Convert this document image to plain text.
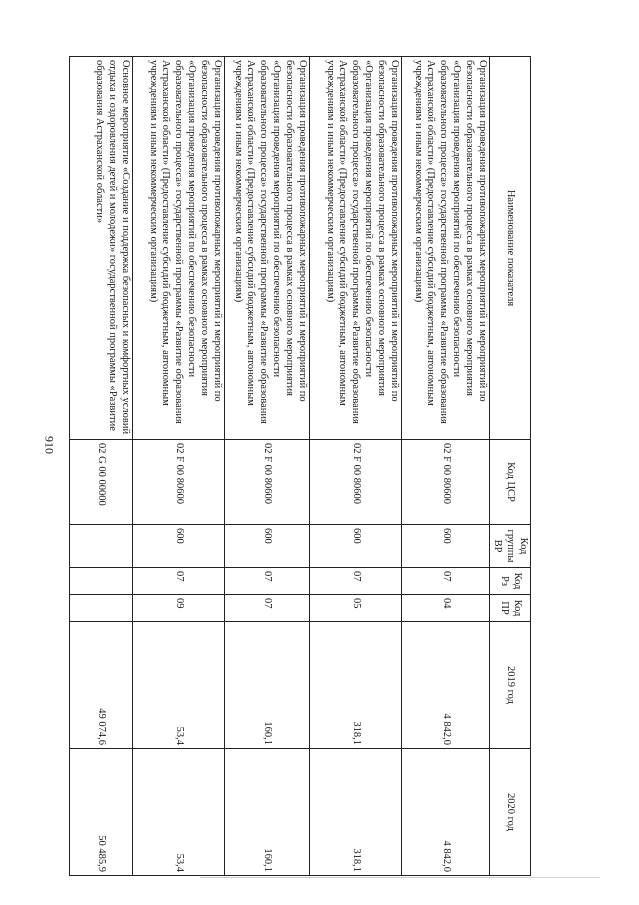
910
Наименование показателя	Код ЦСР	Код группы ВР	Код Рз	Код ПР	2019 год	2020 год
Организация проведения противопожарных мероприятий и мероприятий по безопасности образовательного процесса в рамках основного мероприятия «Организация проведения мероприятий по обеспечению безопасности образовательного процесса» государственной программы «Развитие образования Астраханской области» (Предоставление субсидий бюджетным, автономным учреждениям и иным некоммерческим организациям)	02 F 00 80600	600	07	04	4 842,0	4 842,0
Организация проведения противопожарных мероприятий и мероприятий по безопасности образовательного процесса в рамках основного мероприятия «Организация проведения мероприятий по обеспечению безопасности образовательного процесса» государственной программы «Развитие образования Астраханской области» (Предоставление субсидий бюджетным, автономным учреждениям и иным некоммерческим организациям)	02 F 00 80600	600	07	05	318,1	318,1
Организация проведения противопожарных мероприятий и мероприятий по безопасности образовательного процесса в рамках основного мероприятия «Организация проведения мероприятий по обеспечению безопасности образовательного процесса» государственной программы «Развитие образования Астраханской области» (Предоставление субсидий бюджетным, автономным учреждениям и иным некоммерческим организациям)	02 F 00 80600	600	07	07	160,1	160,1
Организация проведения противопожарных мероприятий и мероприятий по безопасности образовательного процесса в рамках основного мероприятия «Организация проведения мероприятий по обеспечению безопасности образовательного процесса» государственной программы «Развитие образования Астраханской области» (Предоставление субсидий бюджетным, автономным учреждениям и иным некоммерческим организациям)	02 F 00 80600	600	07	09	53,4	53,4
Основное мероприятие «Создание и поддержка безопасных и комфортных условий отдыха и оздоровления детей и молодежи» государственной программы «Развитие образования Астраханской области»	02 G 00 00000				49 074,6	50 485,9
